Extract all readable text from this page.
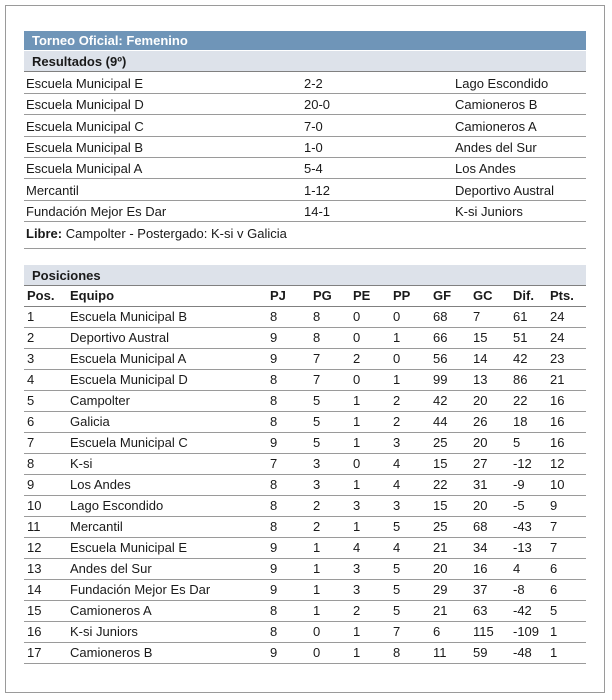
Torneo Oficial: Femenino
Resultados (9º)
Escuela Municipal E	2-2	Lago Escondido
Escuela Municipal D	20-0	Camioneros B
Escuela Municipal C	7-0	Camioneros A
Escuela Municipal B	1-0	Andes del Sur
Escuela Municipal A	5-4	Los Andes
Mercantil	1-12	Deportivo Austral
Fundación Mejor Es Dar	14-1	K-si Juniors
Libre: Campolter - Postergado: K-si v Galicia
Posiciones
Pos.	Equipo	PJ	PG	PE	PP	GF	GC	Dif.	Pts.
1	Escuela Municipal B	8	8	0	0	68	7	61	24
2	Deportivo Austral	9	8	0	1	66	15	51	24
3	Escuela Municipal A	9	7	2	0	56	14	42	23
4	Escuela Municipal D	8	7	0	1	99	13	86	21
5	Campolter	8	5	1	2	42	20	22	16
6	Galicia	8	5	1	2	44	26	18	16
7	Escuela Municipal C	9	5	1	3	25	20	5	16
8	K-si	7	3	0	4	15	27	-12	12
9	Los Andes	8	3	1	4	22	31	-9	10
10	Lago Escondido	8	2	3	3	15	20	-5	9
11	Mercantil	8	2	1	5	25	68	-43	7
12	Escuela Municipal E	9	1	4	4	21	34	-13	7
13	Andes del Sur	9	1	3	5	20	16	4	6
14	Fundación Mejor Es Dar	9	1	3	5	29	37	-8	6
15	Camioneros A	8	1	2	5	21	63	-42	5
16	K-si Juniors	8	0	1	7	6	115	-109	1
17	Camioneros B	9	0	1	8	11	59	-48	1
